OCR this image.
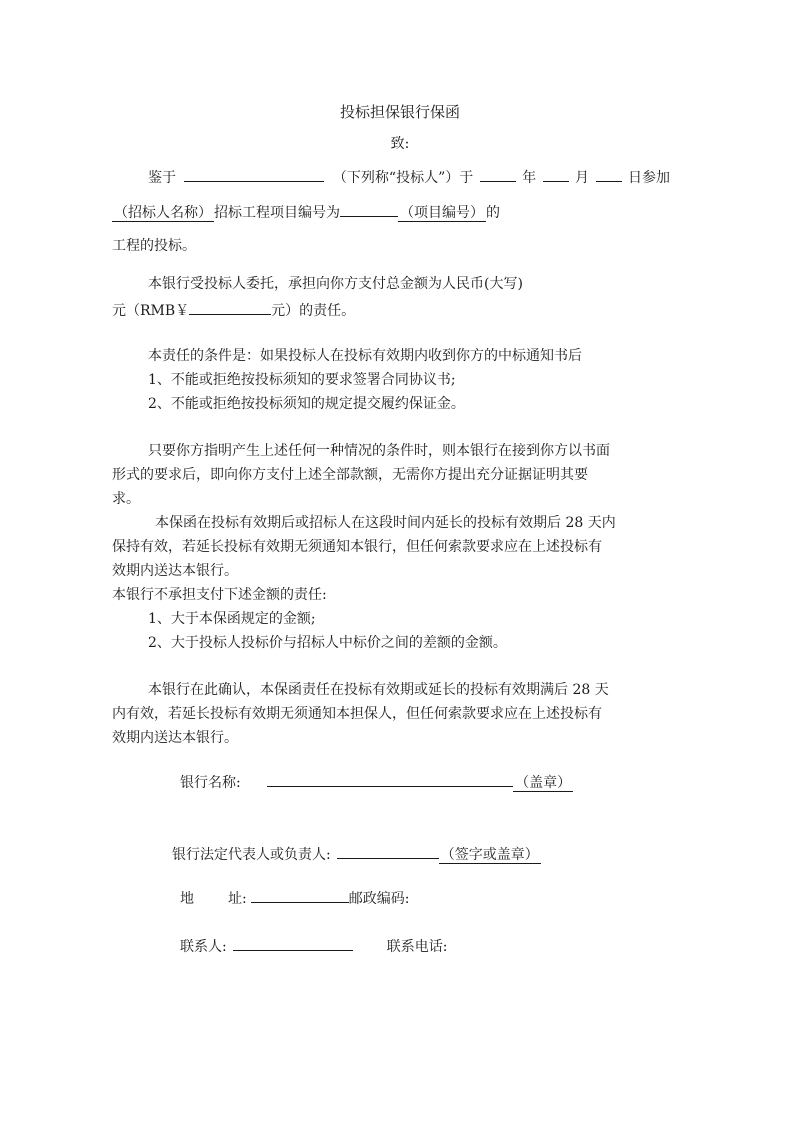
投标担保银行保函
致:
鉴于	（下列称“投标人”）于	年	月	日参加
（招标人名称） 招标工程项目编号为	（项目编号） 的
工程的投标。
本银行受投标人委托，承担向你方支付总金额为人民币(大写)
元（RMB￥	元）的责任。
本责任的条件是：如果投标人在投标有效期内收到你方的中标通知书后
1、不能或拒绝按投标须知的要求签署合同协议书;
2、不能或拒绝按投标须知的规定提交履约保证金。
只要你方指明产生上述任何一种情况的条件时，则本银行在接到你方以书面
形式的要求后，即向你方支付上述全部款额，无需你方提出充分证据证明其要
求。
本保函在投标有效期后或招标人在这段时间内延长的投标有效期后 28 天内
保持有效，若延长投标有效期无须通知本银行，但任何索款要求应在上述投标有
效期内送达本银行。
本银行不承担支付下述金额的责任:
1、大于本保函规定的金额;
2、大于投标人投标价与招标人中标价之间的差额的金额。
本银行在此确认，本保函责任在投标有效期或延长的投标有效期满后 28 天
内有效，若延长投标有效期无须通知本担保人，但任何索款要求应在上述投标有
效期内送达本银行。
银行名称:	（盖章）
银行法定代表人或负责人:	（签字或盖章）
地 址:	邮政编码:
联系人:	联系电话:
